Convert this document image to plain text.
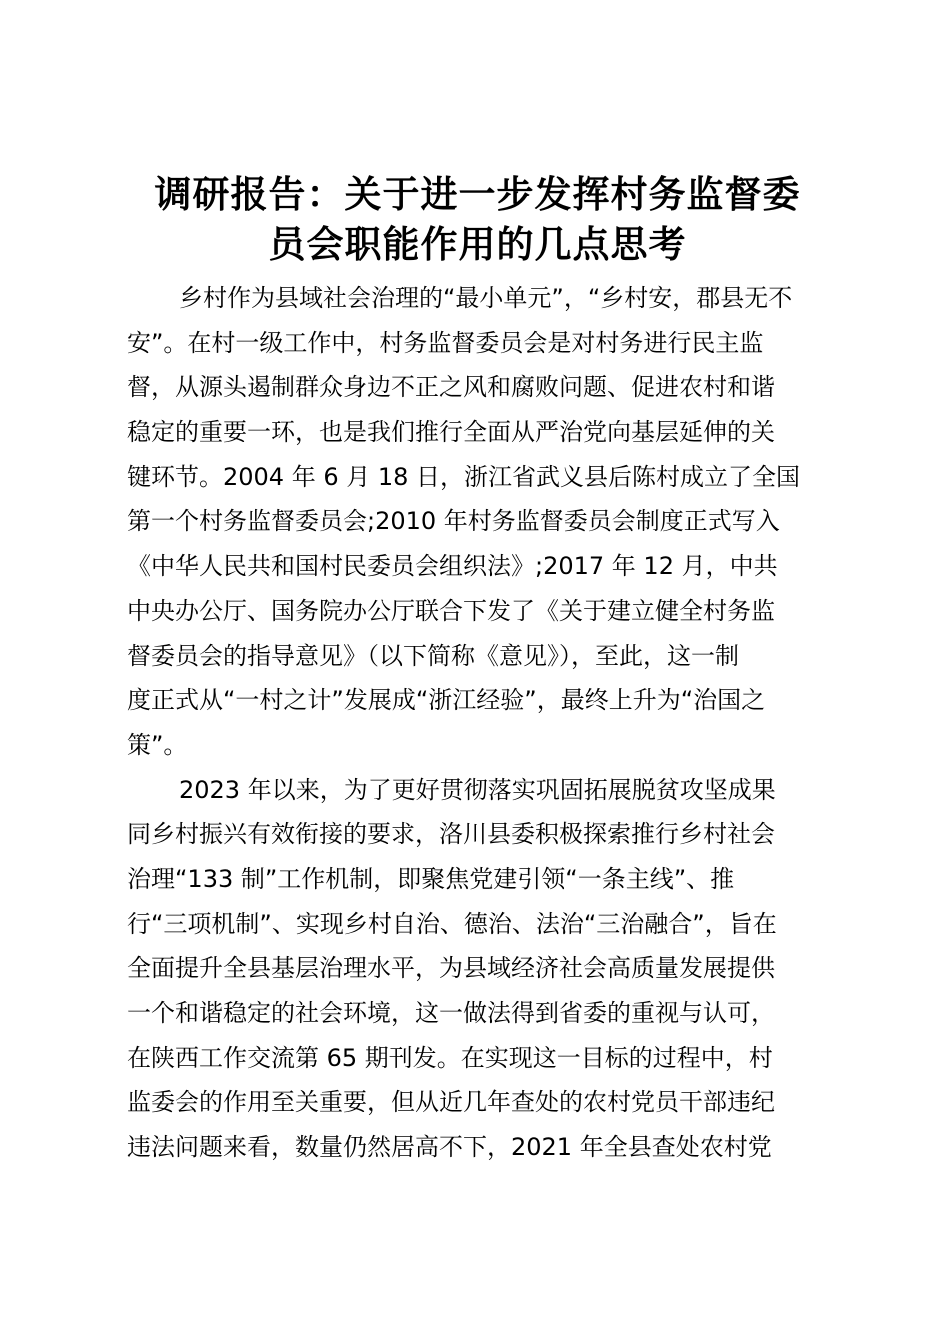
调研报告：关于进一步发挥村务监督委
员会职能作用的几点思考
乡村作为县域社会治理的“最小单元”，“乡村安，郡县无不
安”。在村一级工作中，村务监督委员会是对村务进行民主监
督，从源头遏制群众身边不正之风和腐败问题、促进农村和谐
稳定的重要一环，也是我们推行全面从严治党向基层延伸的关
键环节。2004 年 6 月 18 日，浙江省武义县后陈村成立了全国
第一个村务监督委员会;2010 年村务监督委员会制度正式写入
《中华人民共和国村民委员会组织法》;2017 年 12 月，中共
中央办公厅、国务院办公厅联合下发了《关于建立健全村务监
督委员会的指导意见》（以下简称《意见》），至此，这一制
度正式从“一村之计”发展成“浙江经验”，最终上升为“治国之
策”。
2023 年以来，为了更好贯彻落实巩固拓展脱贫攻坚成果
同乡村振兴有效衔接的要求，洛川县委积极探索推行乡村社会
治理“133 制”工作机制，即聚焦党建引领“一条主线”、推
行“三项机制”、实现乡村自治、德治、法治“三治融合”，旨在
全面提升全县基层治理水平，为县域经济社会高质量发展提供
一个和谐稳定的社会环境，这一做法得到省委的重视与认可，
在陕西工作交流第 65 期刊发。在实现这一目标的过程中，村
监委会的作用至关重要，但从近几年查处的农村党员干部违纪
违法问题来看，数量仍然居高不下，2021 年全县查处农村党
